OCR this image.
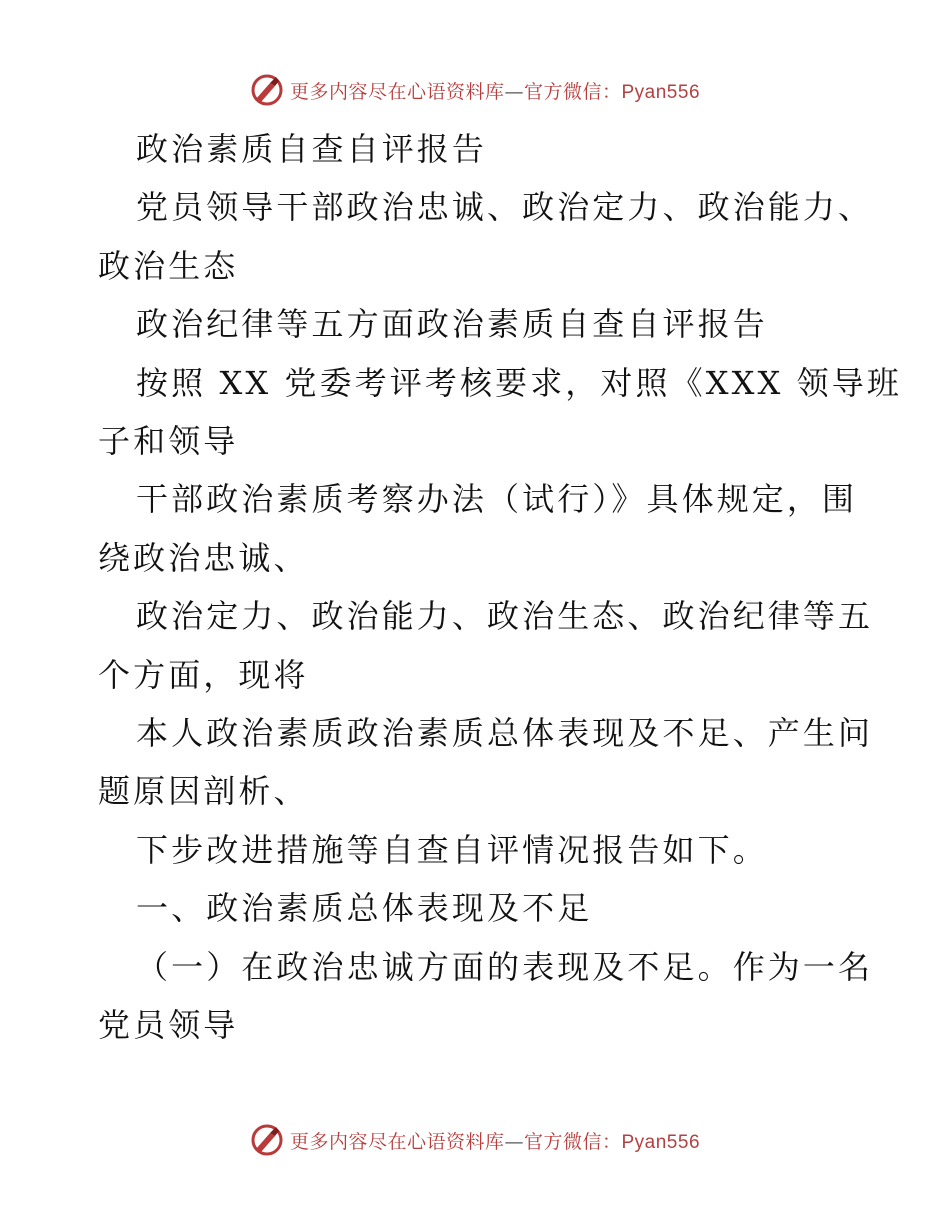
更多内容尽在心语资料库—官方微信：Pyan556

政治素质自查自评报告

党员领导干部政治忠诚、政治定力、政治能力、

政治生态

政治纪律等五方面政治素质自查自评报告

按照 XX 党委考评考核要求，对照《XXX 领导班

子和领导

干部政治素质考察办法（试行）》具体规定，围

绕政治忠诚、

政治定力、政治能力、政治生态、政治纪律等五

个方面，现将

本人政治素质政治素质总体表现及不足、产生问

题原因剖析、

下步改进措施等自查自评情况报告如下。

一、政治素质总体表现及不足

（一）在政治忠诚方面的表现及不足。作为一名

党员领导

更多内容尽在心语资料库—官方微信：Pyan556
